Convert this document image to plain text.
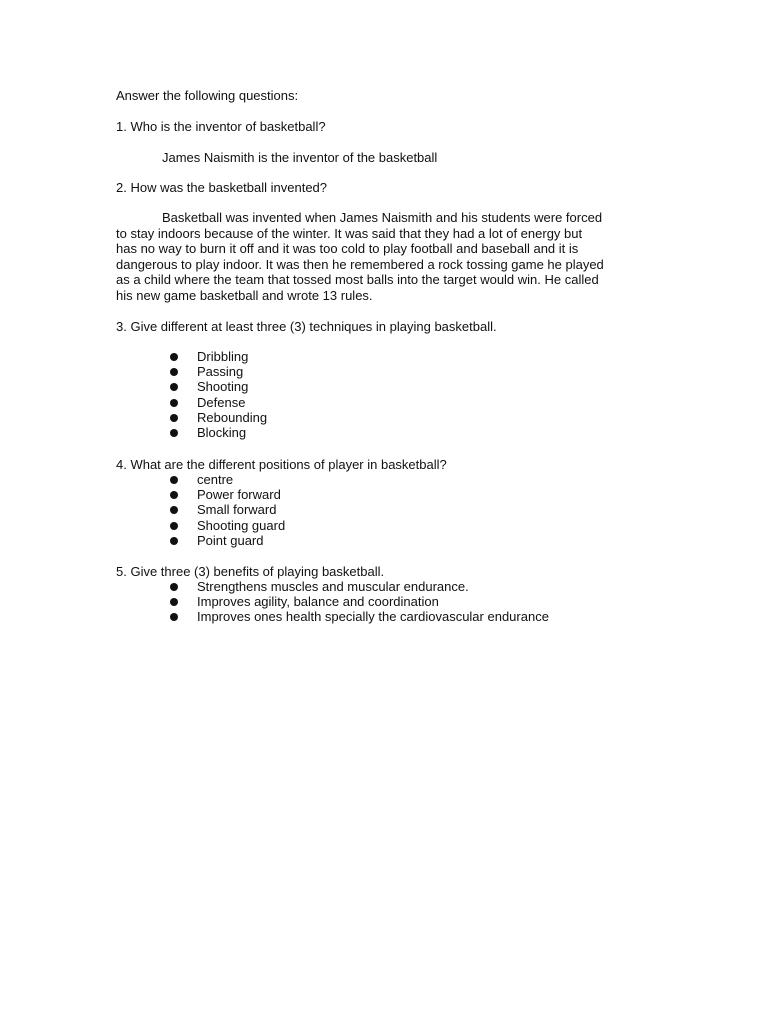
Answer the following questions:
1. Who is the inventor of basketball?
James Naismith is the inventor of the basketball
2. How was the basketball invented?
Basketball was invented when James Naismith and his students were forced
to stay indoors because of the winter. It was said that they had a lot of energy but
has no way to burn it off and it was too cold to play football and baseball and it is
dangerous to play indoor. It was then he remembered a rock tossing game he played
as a child where the team that tossed most balls into the target would win. He called
his new game basketball and wrote 13 rules.
3. Give different at least three (3) techniques in playing basketball.
Dribbling
Passing
Shooting
Defense
Rebounding
Blocking
4. What are the different positions of player in basketball?
centre
Power forward
Small forward
Shooting guard
Point guard
5. Give three (3) benefits of playing basketball.
Strengthens muscles and muscular endurance.
Improves agility, balance and coordination
Improves ones health specially the cardiovascular endurance
